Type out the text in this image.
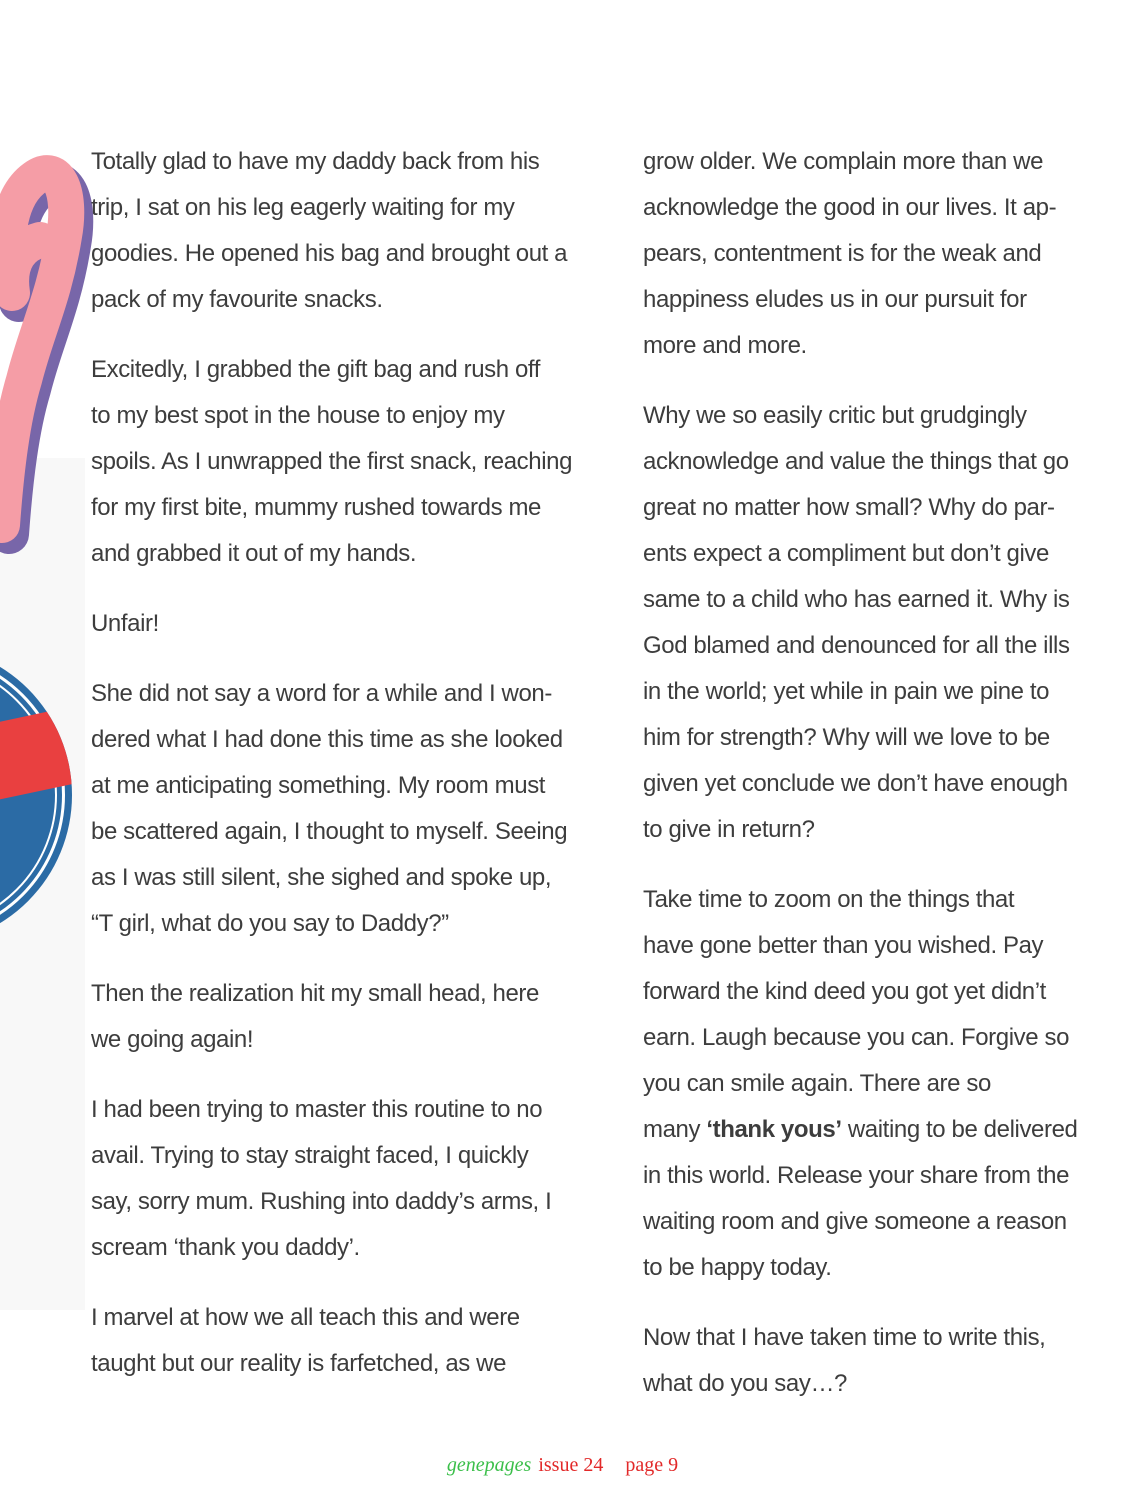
Totally glad to have my daddy back from his
trip, I sat on his leg eagerly waiting for my
goodies. He opened his bag and brought out a
pack of my favourite snacks.

Excitedly, I grabbed the gift bag and rush off
to my best spot in the house to enjoy my
spoils. As I unwrapped the first snack, reaching
for my first bite, mummy rushed towards me
and grabbed it out of my hands.

Unfair!

She did not say a word for a while and I won-
dered what I had done this time as she looked
at me anticipating something. My room must
be scattered again, I thought to myself. Seeing
as I was still silent, she sighed and spoke up,
“T girl, what do you say to Daddy?”

Then the realization hit my small head, here
we going again!

I had been trying to master this routine to no
avail. Trying to stay straight faced, I quickly
say, sorry mum. Rushing into daddy’s arms, I
scream ‘thank you daddy’.

I marvel at how we all teach this and were
taught but our reality is farfetched, as we

grow older. We complain more than we
acknowledge the good in our lives. It ap-
pears, contentment is for the weak and
happiness eludes us in our pursuit for
more and more.

Why we so easily critic but grudgingly
acknowledge and value the things that go
great no matter how small? Why do par-
ents expect a compliment but don’t give
same to a child who has earned it. Why is
God blamed and denounced for all the ills
in the world; yet while in pain we pine to
him for strength? Why will we love to be
given yet conclude we don’t have enough
to give in return?

Take time to zoom on the things that
have gone better than you wished. Pay
forward the kind deed you got yet didn’t
earn. Laugh because you can. Forgive so
you can smile again. There are so
many ‘thank yous’ waiting to be delivered
in this world. Release your share from the
waiting room and give someone a reason
to be happy today.

Now that I have taken time to write this,
what do you say…?

genepages issue 24 page 9
